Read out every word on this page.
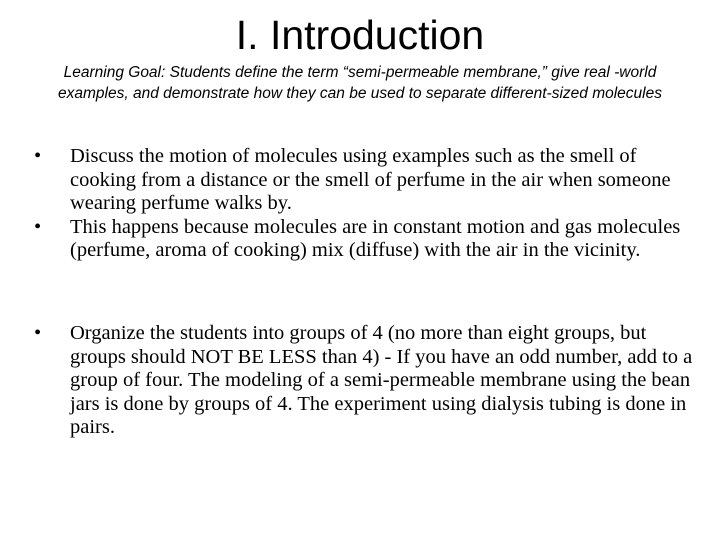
I. Introduction

Learning Goal: Students define the term “semi-permeable membrane,” give real -world examples, and demonstrate how they can be used to separate different-sized molecules

• Discuss the motion of molecules using examples such as the smell of cooking from a distance or the smell of perfume in the air when someone wearing perfume walks by.
• This happens because molecules are in constant motion and gas molecules (perfume, aroma of cooking) mix (diffuse) with the air in the vicinity.
• Organize the students into groups of 4 (no more than eight groups, but groups should NOT BE LESS than 4) - If you have an odd number, add to a group of four. The modeling of a semi-permeable membrane using the bean jars is done by groups of 4. The experiment using dialysis tubing is done in pairs.
